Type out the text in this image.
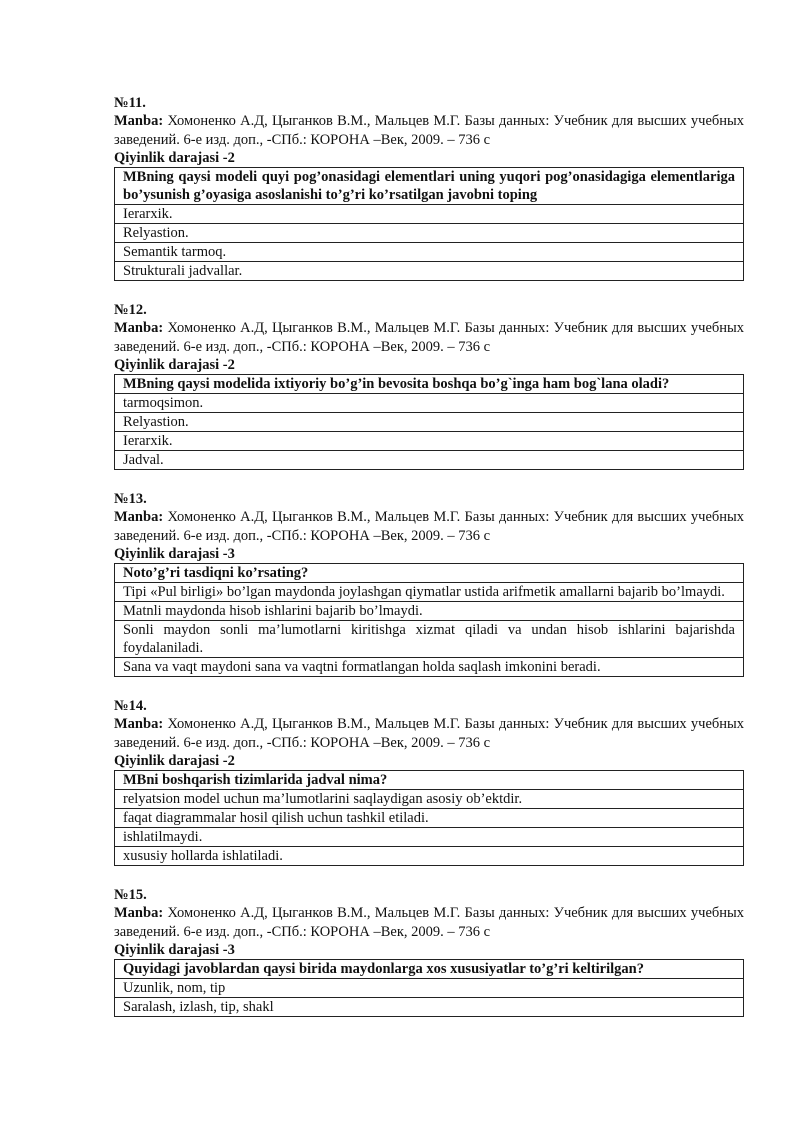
№11.
Manba: Хомоненко А.Д, Цыганков В.М., Мальцев М.Г. Базы данных: Учебник для высших учебных заведений. 6-е изд. доп., -СПб.: КОРОНА –Век, 2009. – 736 с
Qiyinlik darajasi -2
MBning qaysi modeli quyi pog’onasidagi elementlari uning yuqori pog’onasidagiga elementlariga bo’ysunish g’oyasiga asoslanishi to’g’ri ko’rsatilgan javobni toping
Ierarxik.
Relyastion.
Semantik tarmoq.
Strukturali jadvallar.
№12.
Manba: Хомоненко А.Д, Цыганков В.М., Мальцев М.Г. Базы данных: Учебник для высших учебных заведений. 6-е изд. доп., -СПб.: КОРОНА –Век, 2009. – 736 с
Qiyinlik darajasi -2
MBning qaysi modelida ixtiyoriy bo’g’in bevosita boshqa bo’g`inga ham bog`lana oladi?
tarmoqsimon.
Relyastion.
Ierarxik.
Jadval.
№13.
Manba: Хомоненко А.Д, Цыганков В.М., Мальцев М.Г. Базы данных: Учебник для высших учебных заведений. 6-е изд. доп., -СПб.: КОРОНА –Век, 2009. – 736 с
Qiyinlik darajasi -3
Noto’g’ri tasdiqni ko’rsating?
Tipi «Pul birligi» bo’lgan maydonda joylashgan qiymatlar ustida arifmetik amallarni bajarib bo’lmaydi.
Matnli maydonda hisob ishlarini bajarib bo’lmaydi.
Sonli maydon sonli ma’lumotlarni kiritishga xizmat qiladi va undan hisob ishlarini bajarishda foydalaniladi.
Sana va vaqt maydoni sana va vaqtni formatlangan holda saqlash imkonini beradi.
№14.
Manba: Хомоненко А.Д, Цыганков В.М., Мальцев М.Г. Базы данных: Учебник для высших учебных заведений. 6-е изд. доп., -СПб.: КОРОНА –Век, 2009. – 736 с
Qiyinlik darajasi -2
MBni boshqarish tizimlarida jadval nima?
relyatsion model uchun ma’lumotlarini saqlaydigan asosiy ob’ektdir.
faqat diagrammalar hosil qilish uchun tashkil etiladi.
ishlatilmaydi.
xususiy hollarda ishlatiladi.
№15.
Manba: Хомоненко А.Д, Цыганков В.М., Мальцев М.Г. Базы данных: Учебник для высших учебных заведений. 6-е изд. доп., -СПб.: КОРОНА –Век, 2009. – 736 с
Qiyinlik darajasi -3
Quyidagi javoblardan qaysi birida maydonlarga xos xususiyatlar to’g’ri keltirilgan?
Uzunlik, nom, tip
Saralash, izlash, tip, shakl
